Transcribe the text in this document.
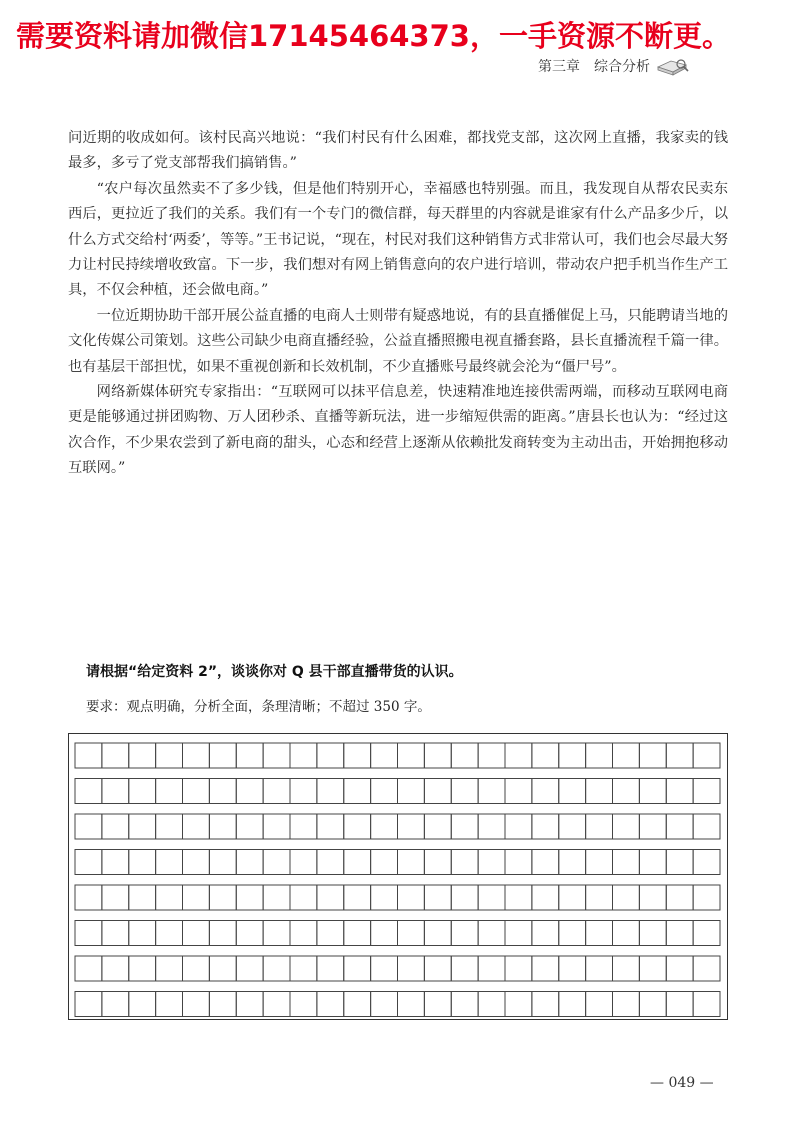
需要资料请加微信17145464373，一手资源不断更。
第三章　综合分析

问近期的收成如何。该村民高兴地说：“我们村民有什么困难，都找党支部，这次网上直播，我家卖的钱最多，多亏了党支部帮我们搞销售。”

“农户每次虽然卖不了多少钱，但是他们特别开心，幸福感也特别强。而且，我发现自从帮农民卖东西后，更拉近了我们的关系。我们有一个专门的微信群，每天群里的内容就是谁家有什么产品多少斤，以什么方式交给村‘两委’，等等。”王书记说，“现在，村民对我们这种销售方式非常认可，我们也会尽最大努力让村民持续增收致富。下一步，我们想对有网上销售意向的农户进行培训，带动农户把手机当作生产工具，不仅会种植，还会做电商。”

一位近期协助干部开展公益直播的电商人士则带有疑惑地说，有的县直播催促上马，只能聘请当地的文化传媒公司策划。这些公司缺少电商直播经验，公益直播照搬电视直播套路，县长直播流程千篇一律。也有基层干部担忧，如果不重视创新和长效机制，不少直播账号最终就会沦为“僵尸号”。

网络新媒体研究专家指出：“互联网可以抹平信息差，快速精准地连接供需两端，而移动互联网电商更是能够通过拼团购物、万人团秒杀、直播等新玩法，进一步缩短供需的距离。”唐县长也认为：“经过这次合作，不少果农尝到了新电商的甜头，心态和经营上逐渐从依赖批发商转变为主动出击，开始拥抱移动互联网。”

请根据“给定资料 2”，谈谈你对 Q 县干部直播带货的认识。
要求：观点明确，分析全面，条理清晰；不超过 350 字。
— 049 —
